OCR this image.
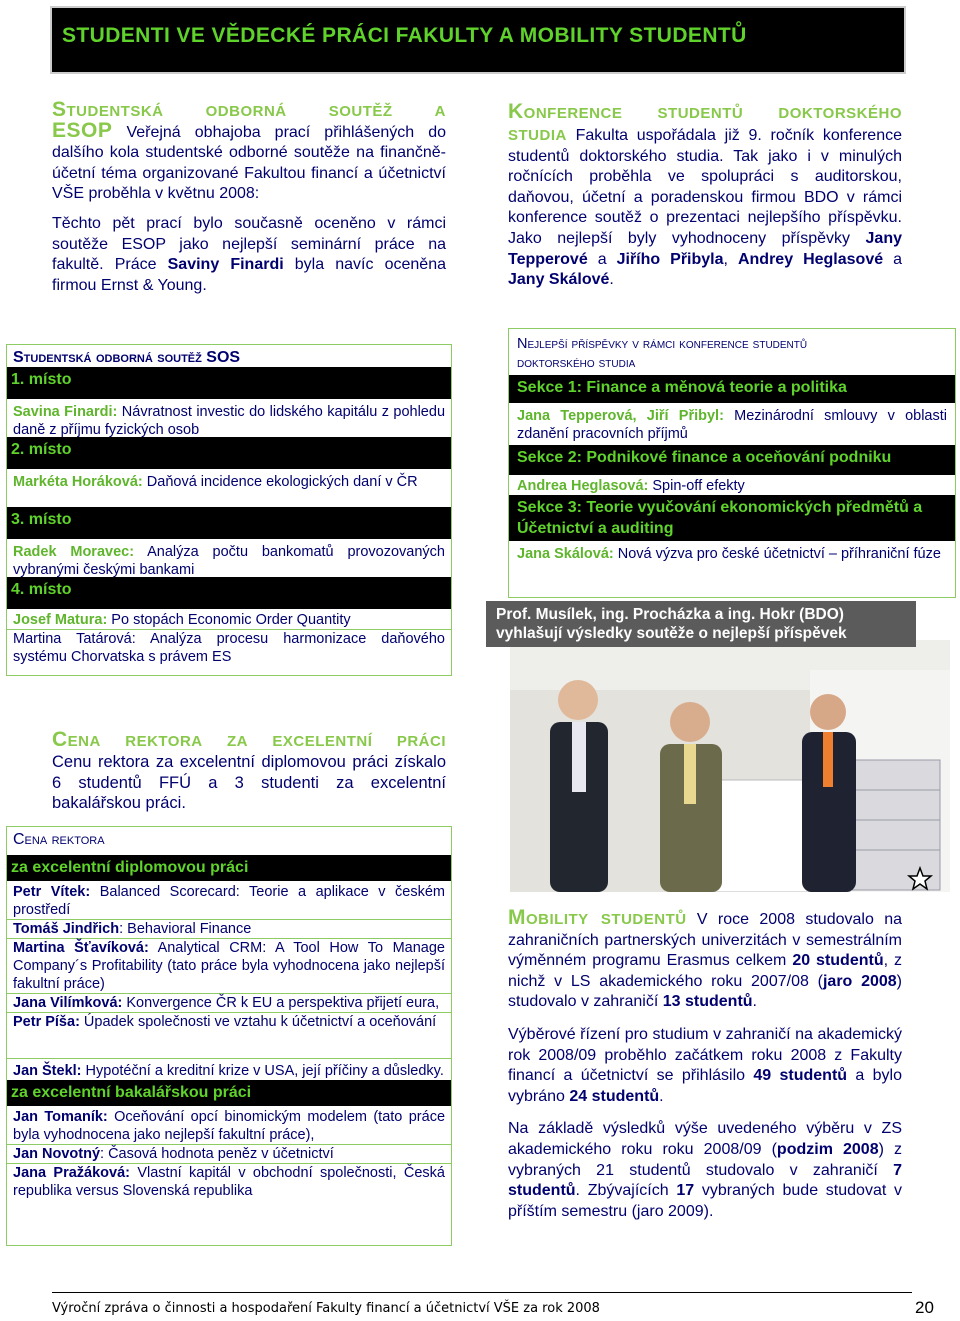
STUDENTI VE VĚDECKÉ PRÁCI FAKULTY A MOBILITY STUDENTŮ
Studentská odborná soutěž a
ESOP Veřejná obhajoba prací přihlášených do dalšího kola studentské odborné soutěže na finančně-účetní téma organizované Fakultou financí a účetnictví VŠE proběhla v květnu 2008:
Těchto pět prací bylo současně oceněno v rámci soutěže ESOP jako nejlepší seminární práce na fakultě. Práce Saviny Finardi byla navíc oceněna firmou Ernst & Young.
Studentská odborná soutěž SOS
1. místo
Savina Finardi: Návratnost investic do lidského kapitálu z pohledu daně z příjmu fyzických osob
2. místo
Markéta Horáková: Daňová incidence ekologických daní v ČR
3. místo
Radek Moravec: Analýza počtu bankomatů provozovaných vybranými českými bankami
4. místo
Josef Matura: Po stopách Economic Order Quantity
Martina Tatárová: Analýza procesu harmonizace daňového systému Chorvatska s právem ES
Cena rektora za excelentní práci
Cenu rektora za excelentní diplomovou práci získalo 6 studentů FFÚ a 3 studenti za excelentní bakalářskou práci.
Cena rektora
za excelentní diplomovou práci
Petr Vítek: Balanced Scorecard: Teorie a aplikace v českém prostředí
Tomáš Jindřich: Behavioral Finance
Martina Šťavíková: Analytical CRM: A Tool How To Manage Company´s Profitability (tato práce byla vyhodnocena jako nejlepší fakultní práce)
Jana Vilímková: Konvergence ČR k EU a perspektiva přijetí eura,
Petr Píša: Úpadek společnosti ve vztahu k účetnictví a oceňování
Jan Štekl: Hypotéční a kreditní krize v USA, její příčiny a důsledky.
za excelentní bakalářskou práci
Jan Tomaník: Oceňování opcí binomickým modelem (tato práce byla vyhodnocena jako nejlepší fakultní práce),
Jan Novotný: Časová hodnota peněz v účetnictví
Jana Pražáková: Vlastní kapitál v obchodní společnosti, Česká republika versus Slovenská republika
Konference studentů doktorského
studia Fakulta uspořádala již 9. ročník konference studentů doktorského studia. Tak jako i v minulých ročnících proběhla ve spolupráci s auditorskou, daňovou, účetní a poradenskou firmou BDO v rámci konference soutěž o prezentaci nejlepšího příspěvku. Jako nejlepší byly vyhodnoceny příspěvky Jany Tepperové a Jiřího Přibyla, Andrey Heglasové a Jany Skálové.
Nejlepší příspěvky v rámci konference studentů
doktorského studia
Sekce 1: Finance a měnová teorie a politika
Jana Tepperová, Jiří Přibyl: Mezinárodní smlouvy v oblasti zdanění pracovních příjmů
Sekce 2: Podnikové finance a oceňování podniku
Andrea Heglasová: Spin-off efekty
Sekce 3: Teorie vyučování ekonomických předmětů a Účetnictví a auditing
Jana Skálová: Nová výzva pro české účetnictví – příhraniční fúze
Prof. Musílek, ing. Procházka a ing. Hokr (BDO) vyhlašují výsledky soutěže o nejlepší příspěvek
Mobility studentů V roce 2008 studovalo na zahraničních partnerských univerzitách v semestrálním výměnném programu Erasmus celkem 20 studentů, z nichž v LS akademického roku 2007/08 (jaro 2008) studovalo v zahraničí 13 studentů.
Výběrové řízení pro studium v zahraničí na akademický rok 2008/09 proběhlo začátkem roku 2008 z Fakulty financí a účetnictví se přihlásilo 49 studentů a bylo vybráno 24 studentů.
Na základě výsledků výše uvedeného výběru v ZS akademického roku roku 2008/09 (podzim 2008) z vybraných 21 studentů studovalo v zahraničí 7 studentů. Zbývajících 17 vybraných bude studovat v příštím semestru (jaro 2009).
Výroční zpráva o činnosti a hospodaření Fakulty financí a účetnictví VŠE za rok 2008	20
